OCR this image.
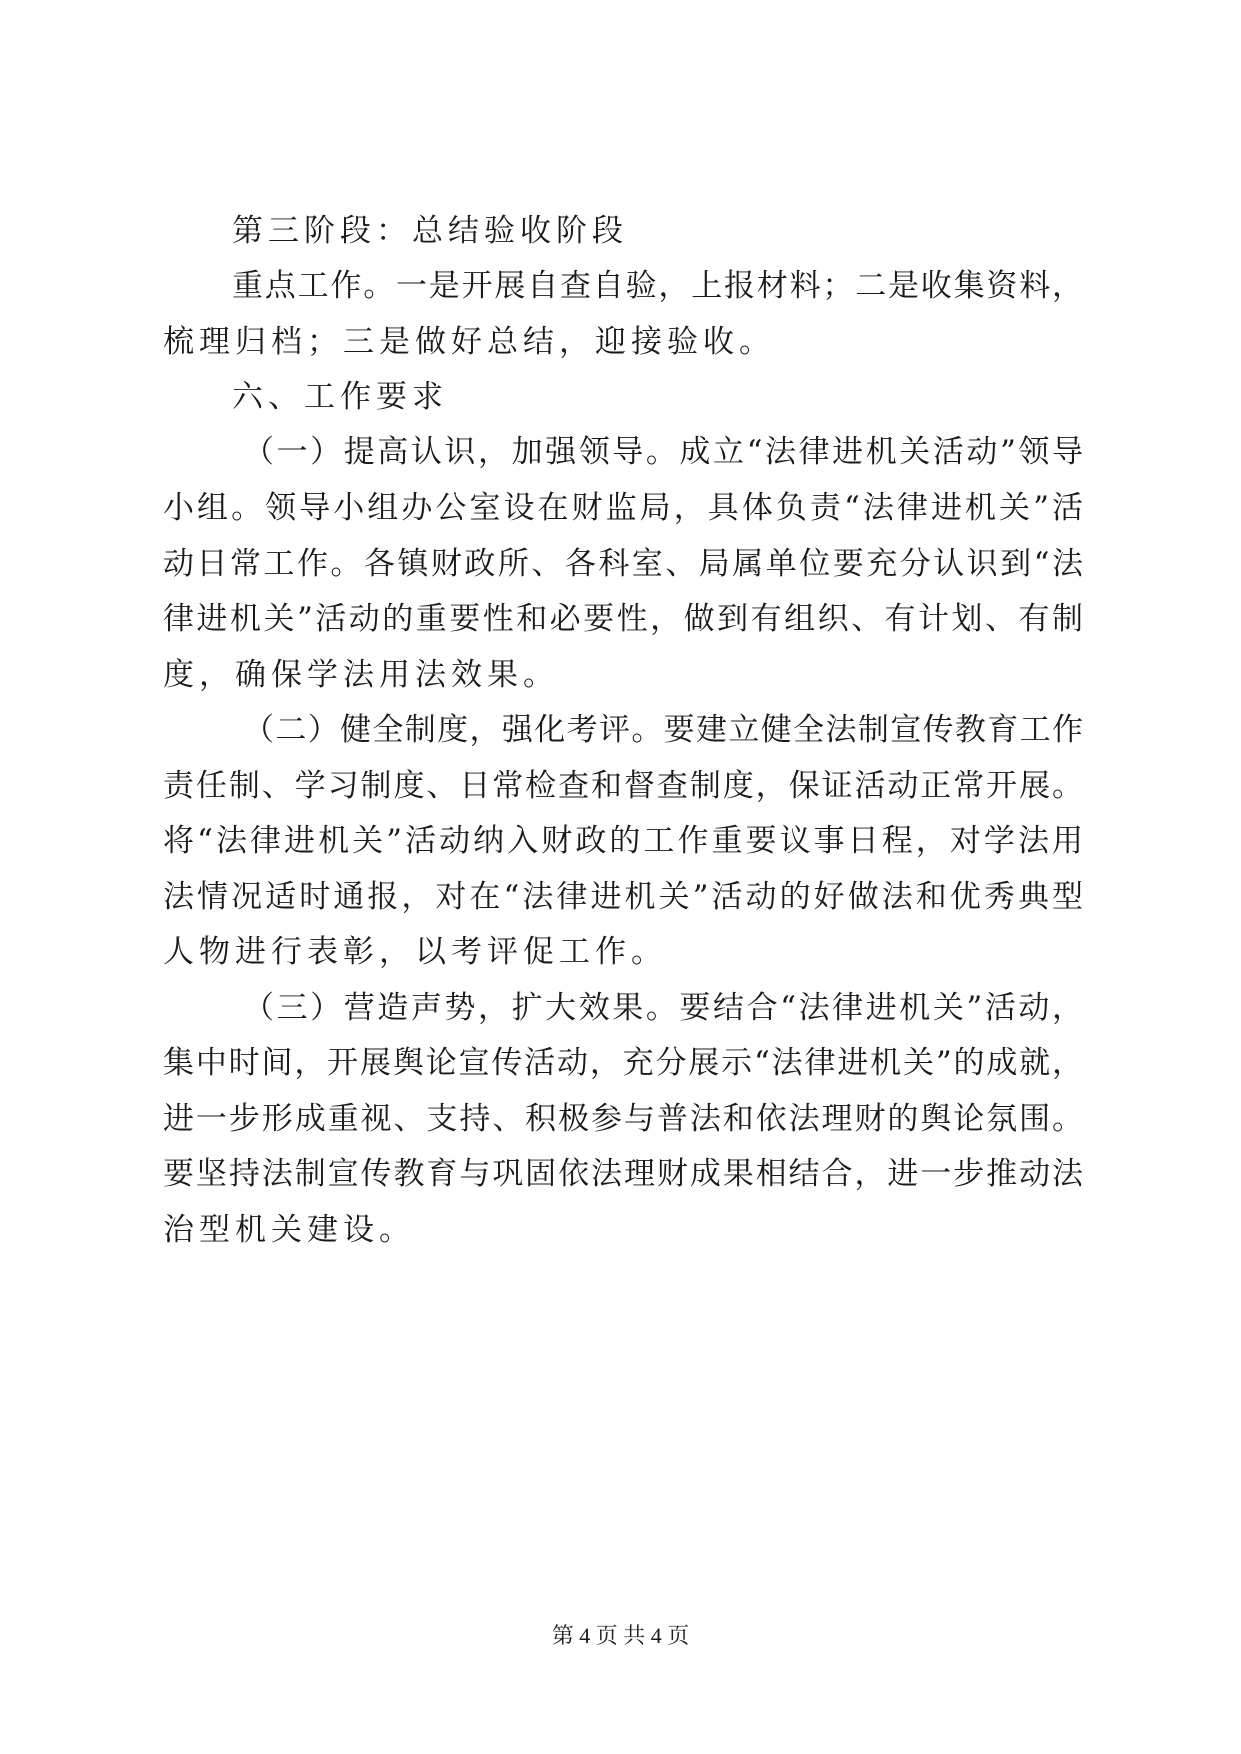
第三阶段：总结验收阶段
重点工作。一是开展自查自验，上报材料；二是收集资料，
梳理归档；三是做好总结，迎接验收。
六、工作要求
（一）提高认识，加强领导。成立“法律进机关活动”领导
小组。领导小组办公室设在财监局，具体负责“法律进机关”活
动日常工作。各镇财政所、各科室、局属单位要充分认识到“法
律进机关”活动的重要性和必要性，做到有组织、有计划、有制
度，确保学法用法效果。
（二）健全制度，强化考评。要建立健全法制宣传教育工作
责任制、学习制度、日常检查和督查制度，保证活动正常开展。
将“法律进机关”活动纳入财政的工作重要议事日程，对学法用
法情况适时通报，对在“法律进机关”活动的好做法和优秀典型
人物进行表彰，以考评促工作。
（三）营造声势，扩大效果。要结合“法律进机关”活动，
集中时间，开展舆论宣传活动，充分展示“法律进机关”的成就，
进一步形成重视、支持、积极参与普法和依法理财的舆论氛围。
要坚持法制宣传教育与巩固依法理财成果相结合，进一步推动法
治型机关建设。
第 4 页 共 4 页
